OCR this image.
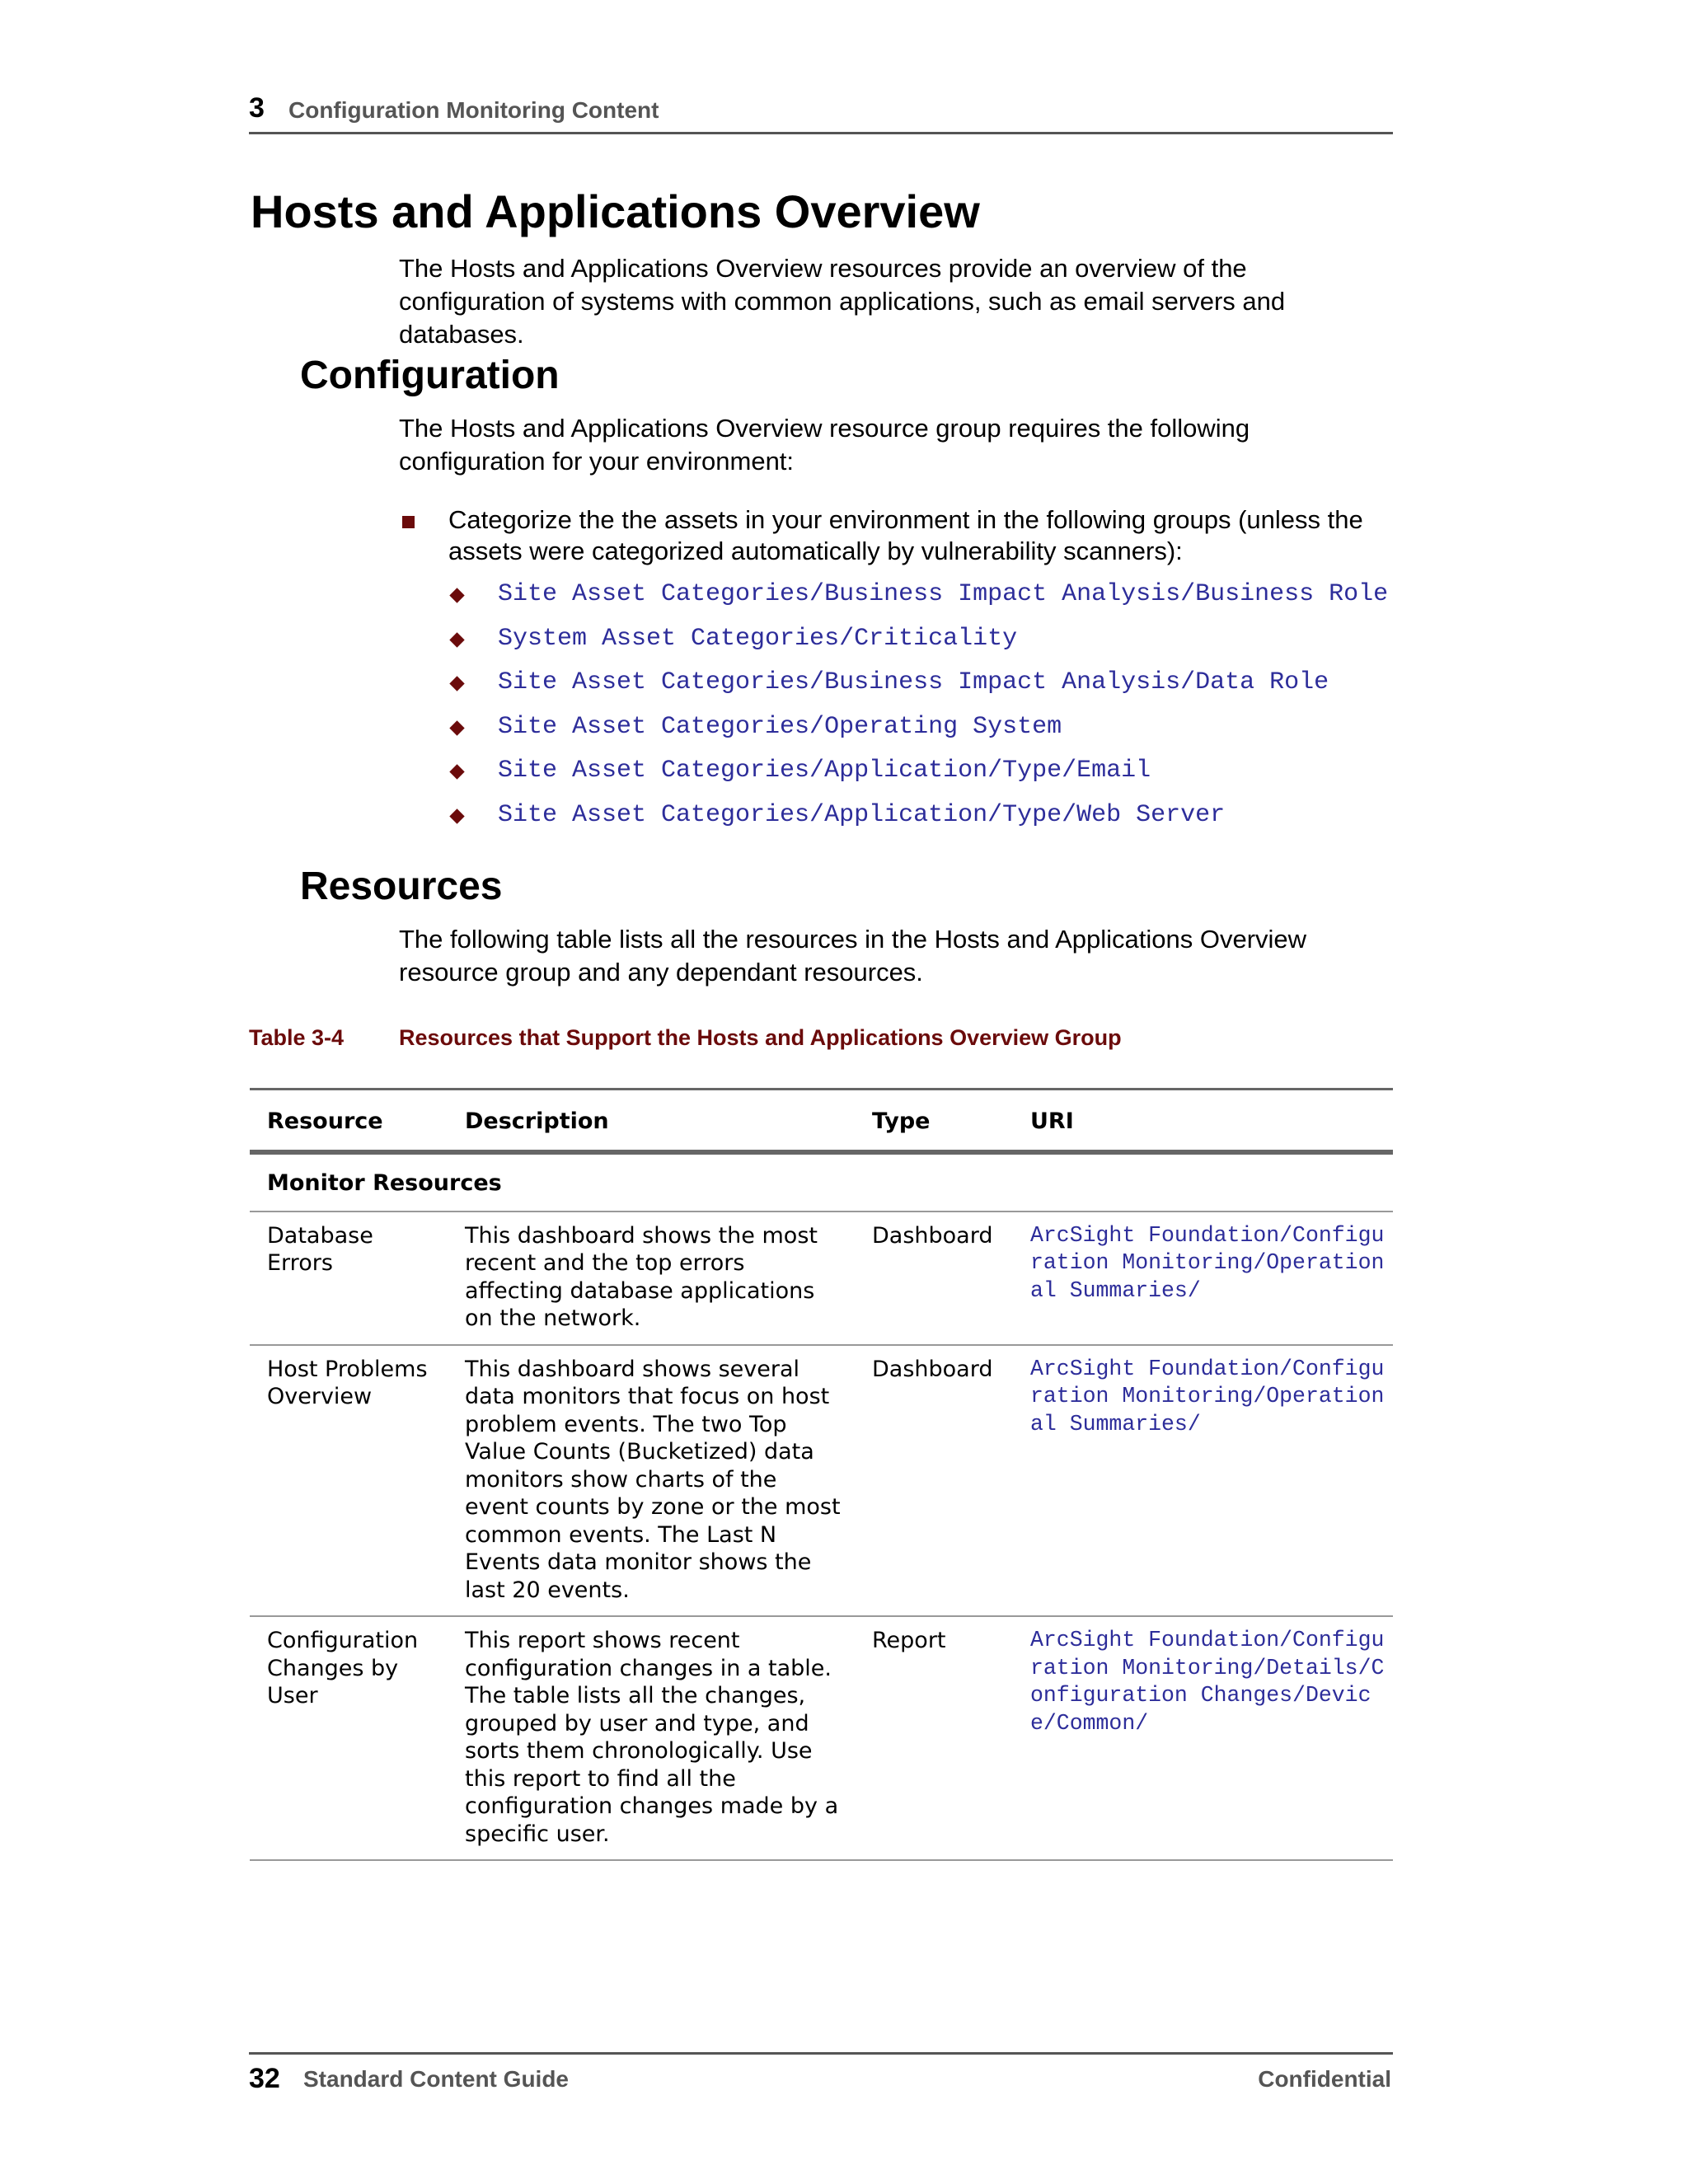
3 Configuration Monitoring Content
Hosts and Applications Overview

The Hosts and Applications Overview resources provide an overview of the configuration of systems with common applications, such as email servers and databases.

Configuration

The Hosts and Applications Overview resource group requires the following configuration for your environment:

Categorize the the assets in your environment in the following groups (unless the assets were categorized automatically by vulnerability scanners):
Site Asset Categories/Business Impact Analysis/Business Role
System Asset Categories/Criticality
Site Asset Categories/Business Impact Analysis/Data Role
Site Asset Categories/Operating System
Site Asset Categories/Application/Type/Email
Site Asset Categories/Application/Type/Web Server
Resources

The following table lists all the resources in the Hosts and Applications Overview resource group and any dependant resources.

Table 3-4 Resources that Support the Hosts and Applications Overview Group
Resource	Description	Type	URI
Monitor Resources			
Database Errors	This dashboard shows the most recent and the top errors affecting database applications on the network.	Dashboard	ArcSight Foundation/Configuration Monitoring/Operational Summaries/
Host Problems Overview	This dashboard shows several data monitors that focus on host problem events. The two Top Value Counts (Bucketized) data monitors show charts of the event counts by zone or the most common events. The Last N Events data monitor shows the last 20 events.	Dashboard	ArcSight Foundation/Configuration Monitoring/Operational Summaries/
Configuration Changes by User	This report shows recent configuration changes in a table. The table lists all the changes, grouped by user and type, and sorts them chronologically. Use this report to find all the configuration changes made by a specific user.	Report	ArcSight Foundation/Configuration Monitoring/Details/Configuration Changes/Device/Common/
32 Standard Content Guide	Confidential
